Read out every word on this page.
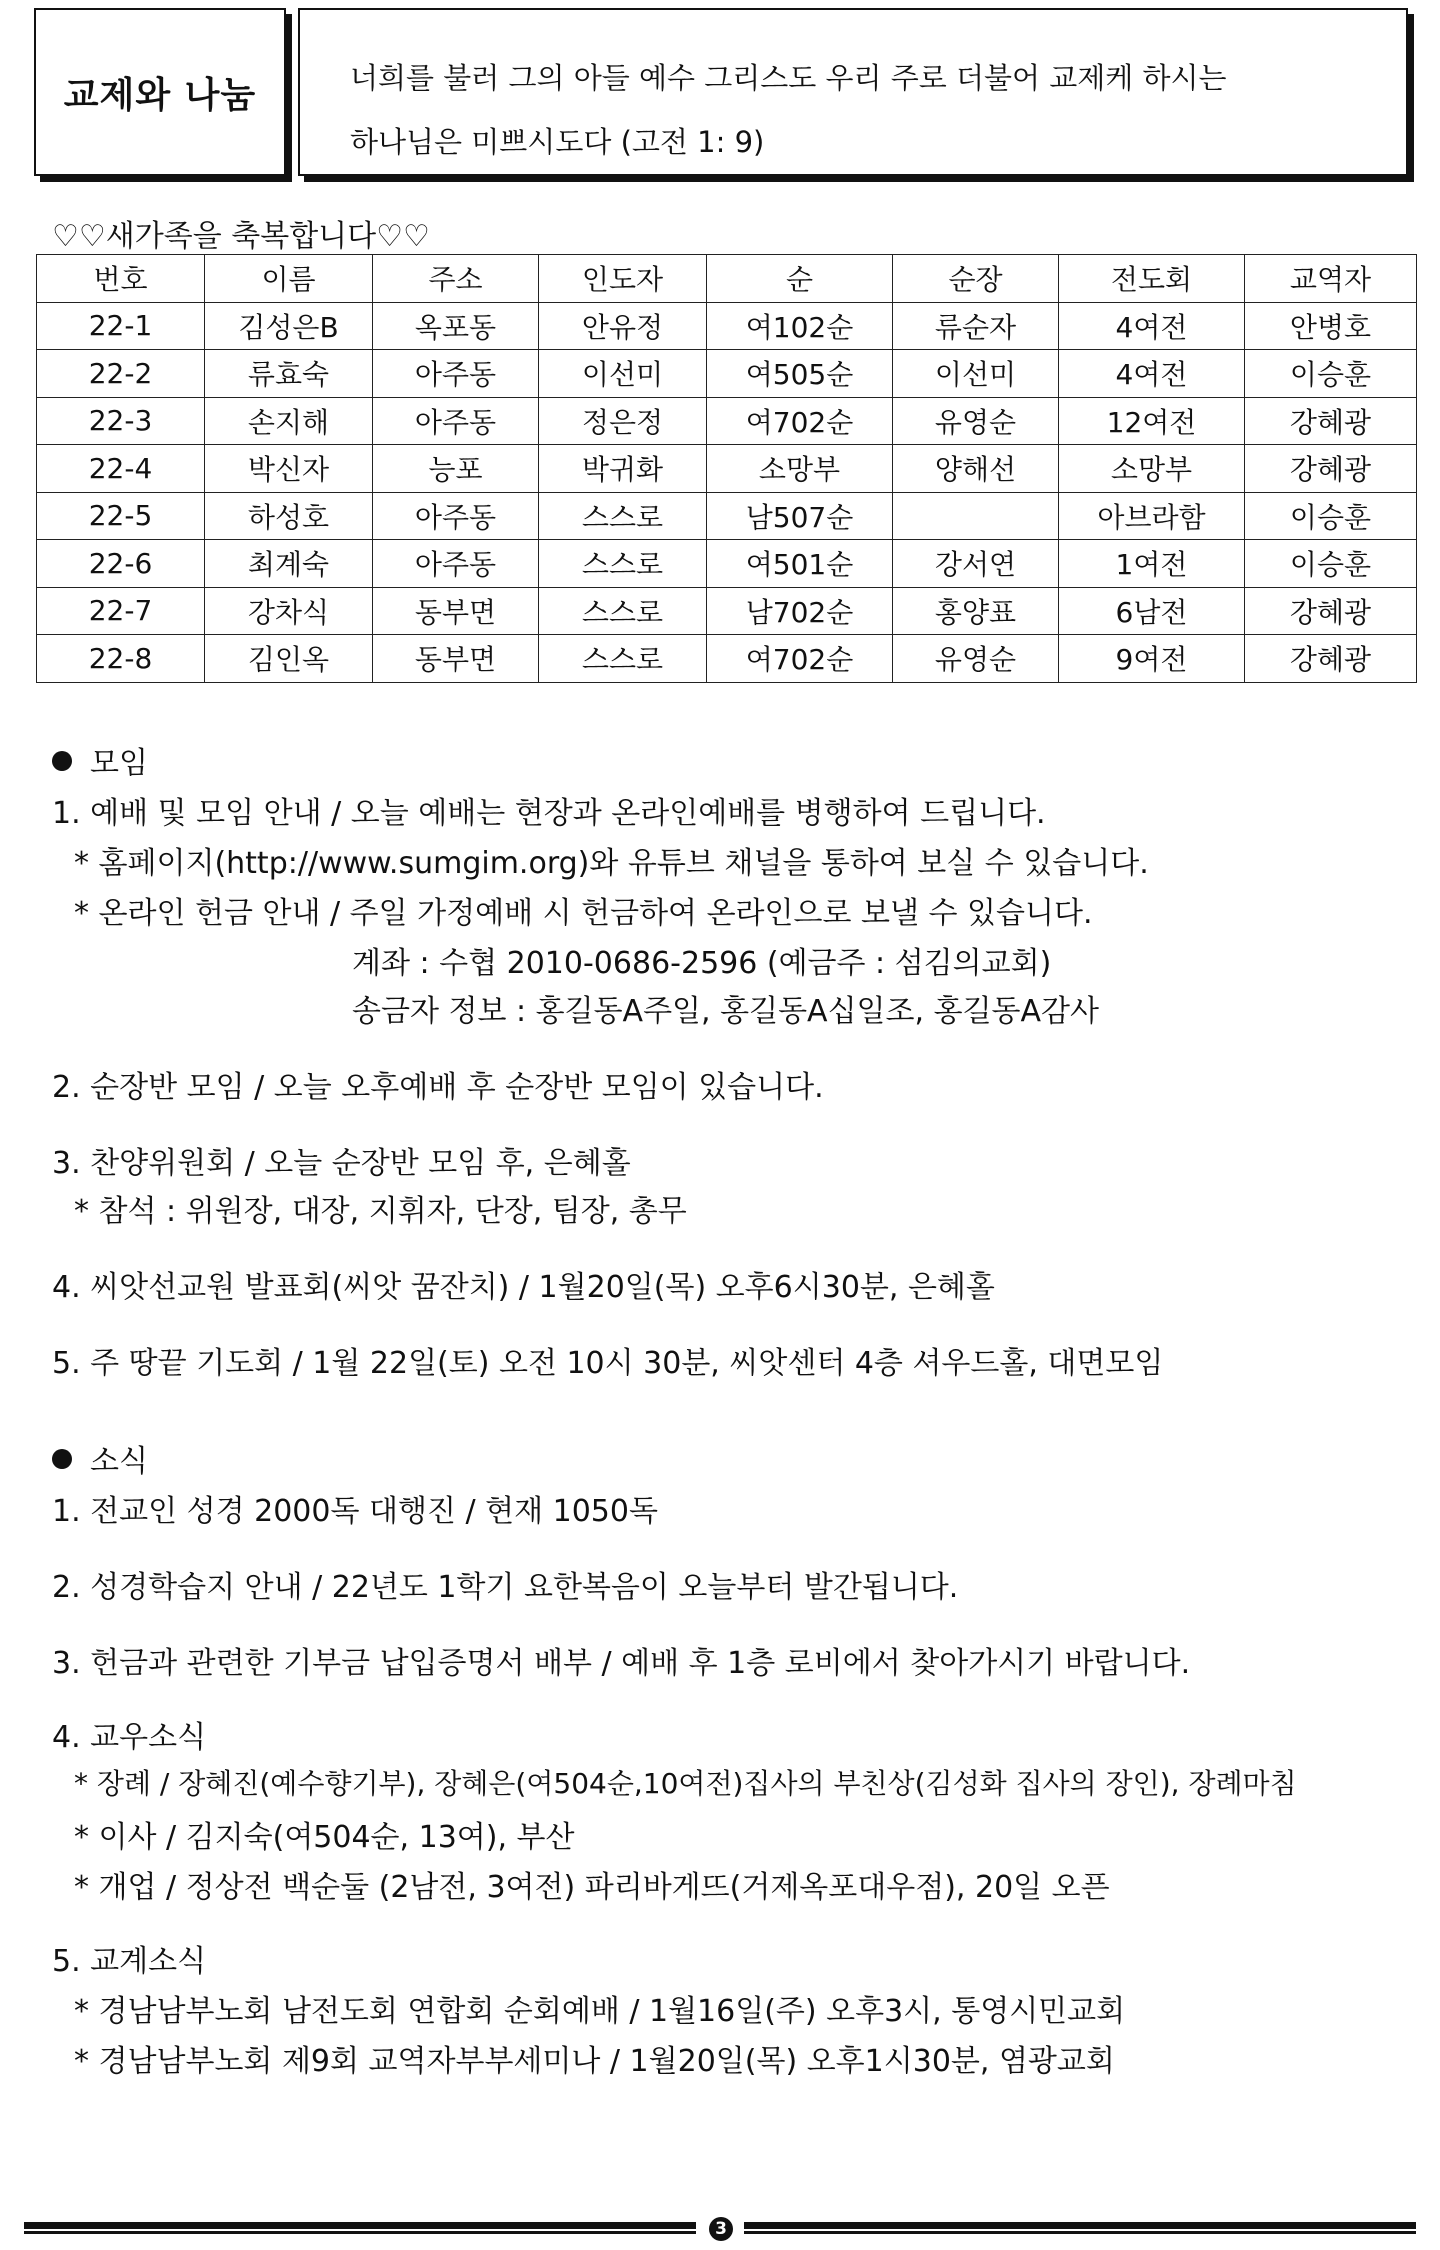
교제와 나눔	너희를 불러 그의 아들 예수 그리스도 우리 주로 더불어 교제케 하시는
하나님은 미쁘시도다 (고전 1: 9)
♡♡새가족을 축복합니다♡♡
번호	이름	주소	인도자	순	순장	전도회	교역자
22-1	김성은B	옥포동	안유정	여102순	류순자	4여전	안병호
22-2	류효숙	아주동	이선미	여505순	이선미	4여전	이승훈
22-3	손지해	아주동	정은정	여702순	유영순	12여전	강혜광
22-4	박신자	능포	박귀화	소망부	양해선	소망부	강혜광
22-5	하성호	아주동	스스로	남507순		아브라함	이승훈
22-6	최계숙	아주동	스스로	여501순	강서연	1여전	이승훈
22-7	강차식	동부면	스스로	남702순	홍양표	6남전	강혜광
22-8	김인옥	동부면	스스로	여702순	유영순	9여전	강혜광
모임
1. 예배 및 모임 안내 / 오늘 예배는 현장과 온라인예배를 병행하여 드립니다.
* 홈페이지(http://www.sumgim.org)와 유튜브 채널을 통하여 보실 수 있습니다.
* 온라인 헌금 안내 / 주일 가정예배 시 헌금하여 온라인으로 보낼 수 있습니다.
계좌 : 수협 2010-0686-2596 (예금주 : 섬김의교회)
송금자 정보 : 홍길동A주일, 홍길동A십일조, 홍길동A감사
2. 순장반 모임 / 오늘 오후예배 후 순장반 모임이 있습니다.
3. 찬양위원회 / 오늘 순장반 모임 후, 은혜홀
* 참석 : 위원장, 대장, 지휘자, 단장, 팀장, 총무
4. 씨앗선교원 발표회(씨앗 꿈잔치) / 1월20일(목) 오후6시30분, 은혜홀
5. 주 땅끝 기도회 / 1월 22일(토) 오전 10시 30분, 씨앗센터 4층 셔우드홀, 대면모임
소식
1. 전교인 성경 2000독 대행진 / 현재 1050독
2. 성경학습지 안내 / 22년도 1학기 요한복음이 오늘부터 발간됩니다.
3. 헌금과 관련한 기부금 납입증명서 배부 / 예배 후 1층 로비에서 찾아가시기 바랍니다.
4. 교우소식
* 장례 / 장혜진(예수향기부), 장혜은(여504순,10여전)집사의 부친상(김성화 집사의 장인), 장례마침
* 이사 / 김지숙(여504순, 13여), 부산
* 개업 / 정상전 백순둘 (2남전, 3여전) 파리바게뜨(거제옥포대우점), 20일 오픈
5. 교계소식
* 경남남부노회 남전도회 연합회 순회예배 / 1월16일(주) 오후3시, 통영시민교회
* 경남남부노회 제9회 교역자부부세미나 / 1월20일(목) 오후1시30분, 염광교회
3
